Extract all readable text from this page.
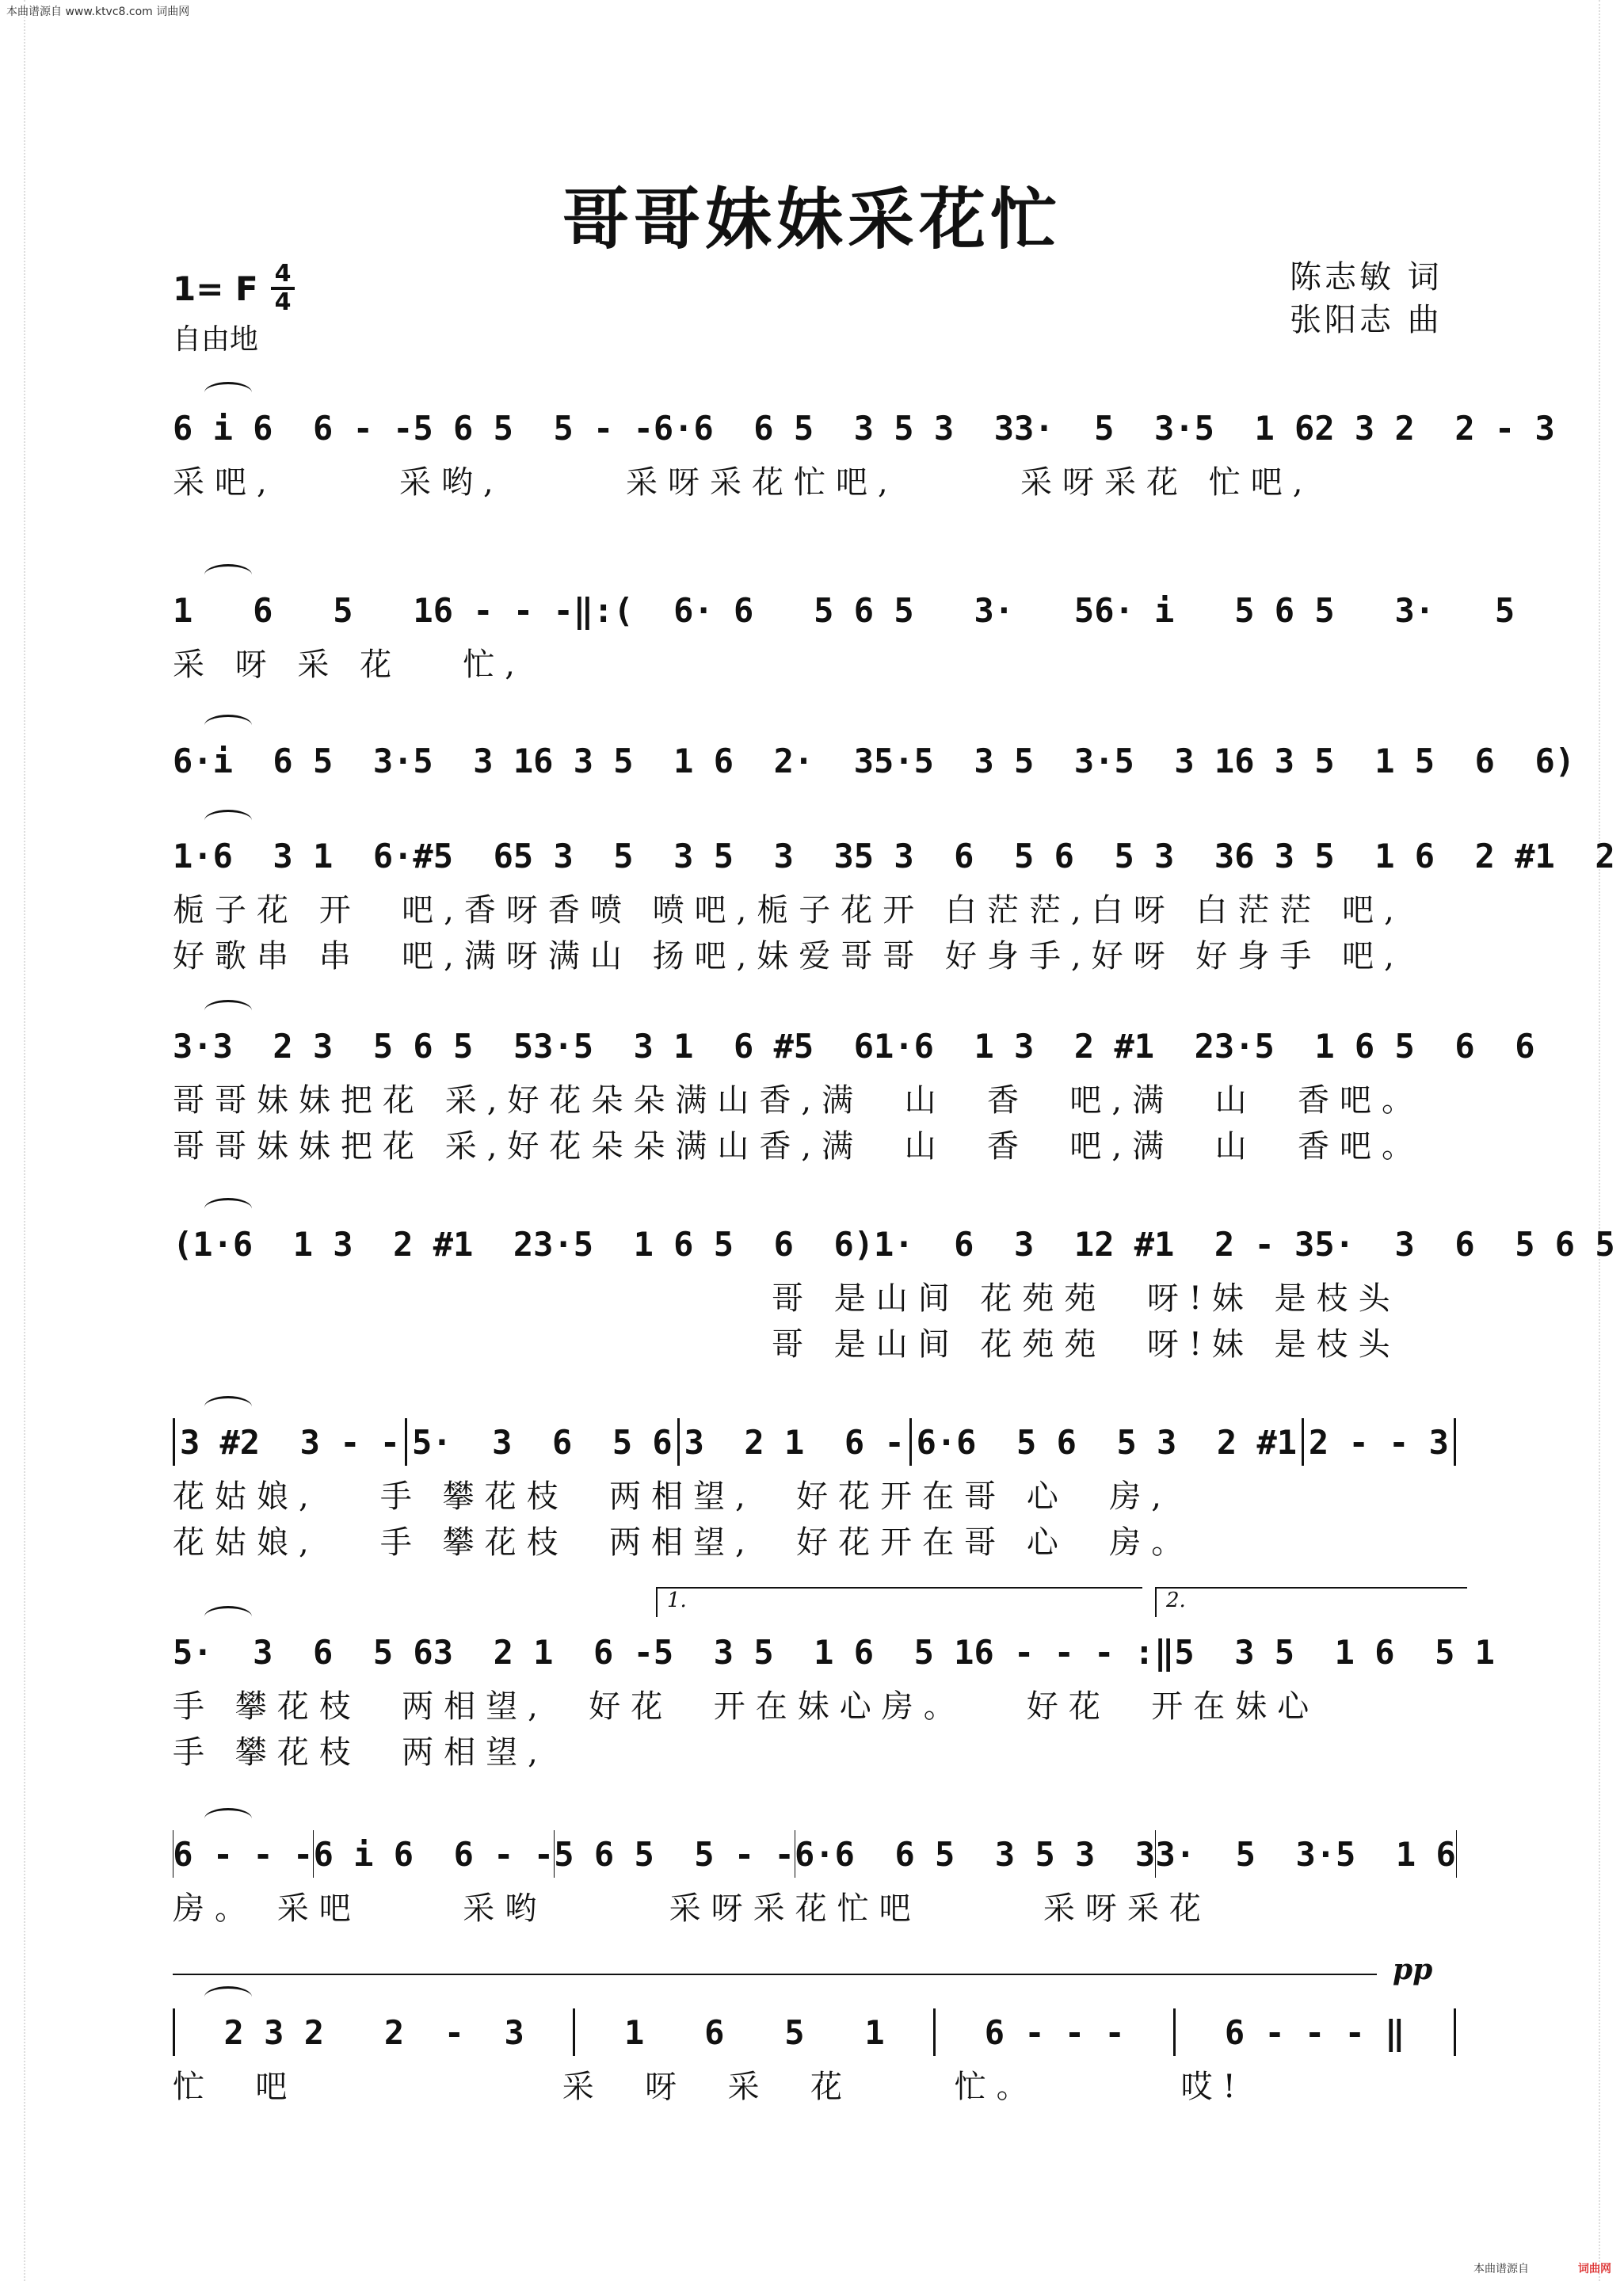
本曲谱源自 www.ktvc8.com 词曲网
哥哥妹妹采花忙
1= F 4
4
自由地
陈志敏 词
张阳志 曲
6 i 6  6 - - 5 6 5  5 - - 6·6  6 5  3 5 3  3 3·  5  3·5  1 6 2 3 2  2 - 3
采吧,      采哟,      采呀采花忙吧,      采呀采花 忙吧,
1   6   5   1 6 - - - ‖:(  6· 6   5 6 5   3·   5 6· i   5 6 5   3·   5
采 呀 采 花   忙,
6·i  6 5  3·5  3 1 6 3 5  1 6  2·  3 5·5  3 5  3·5  3 1 6 3 5  1 5  6  6)
1·6  3 1  6·#5  6 5 3  5  3 5  3  3 5 3  6  5 6  5 3  3 6 3 5  1 6  2 #1  2
栀子花 开  吧,香呀香喷 喷吧,栀子花开 白茫茫,白呀 白茫茫 吧,
好歌串 串  吧,满呀满山 扬吧,妹爱哥哥 好身手,好呀 好身手 吧,
3·3  2 3  5 6 5  5 3·5  3 1  6 #5  6 1·6  1 3  2 #1  2 3·5  1 6 5  6  6
哥哥妹妹把花 采,好花朵朵满山香,满  山  香  吧,满  山  香吧。
哥哥妹妹把花 采,好花朵朵满山香,满  山  香  吧,满  山  香吧。
(1·6  1 3  2 #1  2 3·5  1 6 5  6  6) 1·  6  3  1 2 #1  2 - 3 5·  3  6  5 6 5
哥 是山间 花苑苑  呀!妹 是枝头
哥 是山间 花苑苑  呀!妹 是枝头
3 #2  3 - - 5·  3  6  5 6 3  2 1  6 - 6·6  5 6  5 3  2 #1 2 - - 3
花姑娘,   手 攀花枝  两相望,  好花开在哥 心  房,
花姑娘,   手 攀花枝  两相望,  好花开在哥 心  房。
5·  3  6  5 6 3  2 1  6 - 5  3 5  1 6  5 1 6 - - - :‖ 5  3 5  1 6  5 1
1.	2.
手 攀花枝  两相望,  好花  开在妹心房。   好花  开在妹心
手 攀花枝  两相望,
6 - - - 6 i 6  6 - - 5 6 5  5 - - 6·6  6 5  3 5 3  3 3·  5  3·5  1 6
房。 采吧     采哟      采呀采花忙吧      采呀采花
2 3 2   2  -  3	1   6   5   1	6 - - -	6 - - - ‖
pp
忙  吧             采  呀  采  花     忙。       哎!
本曲谱源自	词曲网
